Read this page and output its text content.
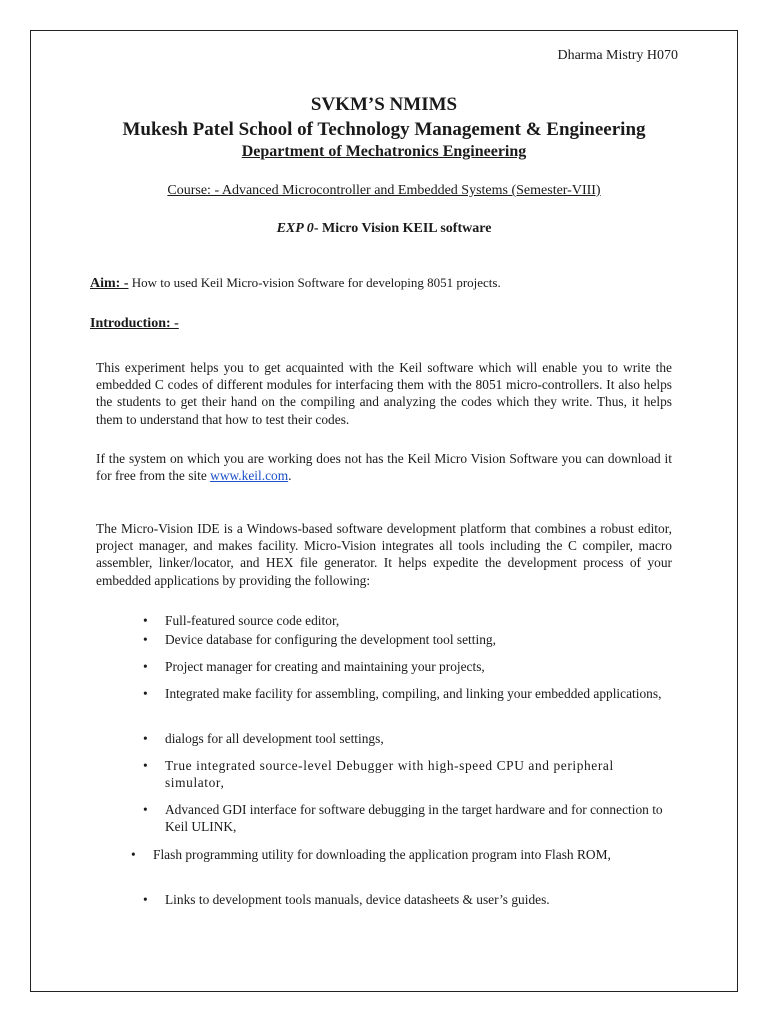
Dharma Mistry H070

SVKM’S NMIMS

Mukesh Patel School of Technology Management & Engineering

Department of Mechatronics Engineering

Course: - Advanced Microcontroller and Embedded Systems (Semester-VIII)

EXP 0- Micro Vision KEIL software

Aim: - How to used Keil Micro-vision Software for developing 8051 projects.

Introduction: -

This experiment helps you to get acquainted with the Keil software which will enable you to write the embedded C codes of different modules for interfacing them with the 8051 micro-controllers. It also helps the students to get their hand on the compiling and analyzing the codes which they write. Thus, it helps them to understand that how to test their codes.

If the system on which you are working does not has the Keil Micro Vision Software you can download it for free from the site www.keil.com.

The Micro-Vision IDE is a Windows-based software development platform that combines a robust editor, project manager, and makes facility. Micro-Vision integrates all tools including the C compiler, macro assembler, linker/locator, and HEX file generator. It helps expedite the development process of your embedded applications by providing the following:

• Full-featured source code editor,
• Device database for configuring the development tool setting,
• Project manager for creating and maintaining your projects,
• Integrated make facility for assembling, compiling, and linking your embedded applications,
• dialogs for all development tool settings,
• True integrated source-level Debugger with high-speed CPU and peripheral simulator,
• Advanced GDI interface for software debugging in the target hardware and for connection to Keil ULINK,
• Flash programming utility for downloading the application program into Flash ROM,
• Links to development tools manuals, device datasheets & user’s guides.
